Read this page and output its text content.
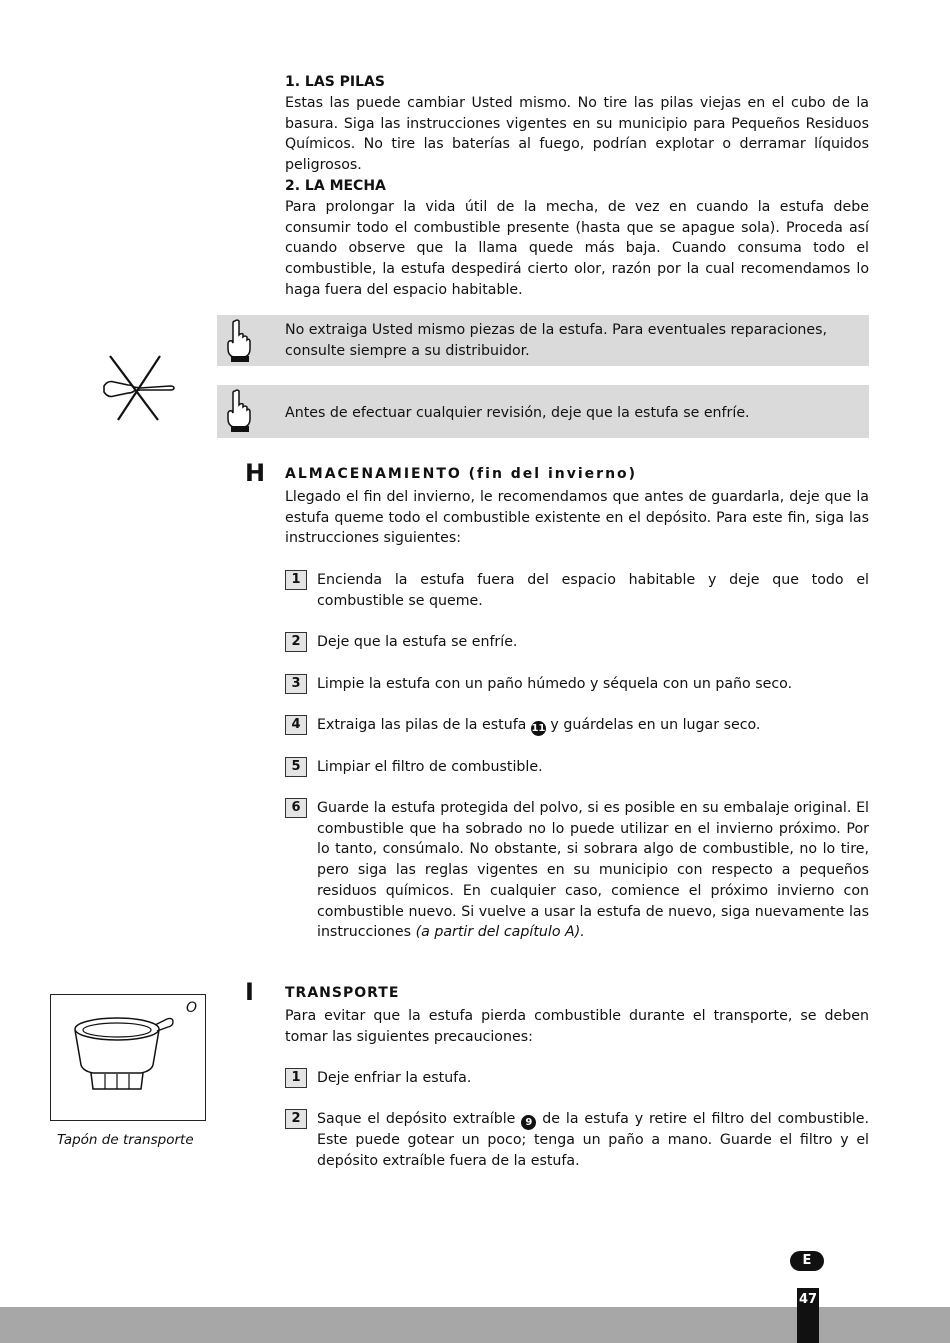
1. LAS PILAS
Estas las puede cambiar Usted mismo. No tire las pilas viejas en el cubo de la basura. Siga las instrucciones vigentes en su municipio para Pequeños Residuos Químicos. No tire las baterías al fuego, podrían explotar o derramar líquidos peligrosos.
2. LA MECHA
Para prolongar la vida útil de la mecha, de vez en cuando la estufa debe consumir todo el combustible presente (hasta que se apague sola). Proceda así cuando observe que la llama quede más baja. Cuando consuma todo el combustible, la estufa despedirá cierto olor, razón por la cual recomendamos lo haga fuera del espacio habitable.
No extraiga Usted mismo piezas de la estufa. Para eventuales reparaciones, consulte siempre a su distribuidor.
Antes de efectuar cualquier revisión, deje que la estufa se enfríe.
H ALMACENAMIENTO (fin del invierno)
Llegado el fin del invierno, le recomendamos que antes de guardarla, deje que la estufa queme todo el combustible existente en el depósito. Para este fin, siga las instrucciones siguientes:
1	Encienda la estufa fuera del espacio habitable y deje que todo el combustible se queme.
2	Deje que la estufa se enfríe.
3	Limpie la estufa con un paño húmedo y séquela con un paño seco.
4	Extraiga las pilas de la estufa 11 y guárdelas en un lugar seco.
5	Limpiar el filtro de combustible.
6	Guarde la estufa protegida del polvo, si es posible en su embalaje original. El combustible que ha sobrado no lo puede utilizar en el invierno próximo. Por lo tanto, consúmalo. No obstante, si sobrara algo de combustible, no lo tire, pero siga las reglas vigentes en su municipio con respecto a pequeños residuos químicos. En cualquier caso, comience el próximo invierno con combustible nuevo. Si vuelve a usar la estufa de nuevo, siga nuevamente las instrucciones (a partir del capítulo A).
I TRANSPORTE
Para evitar que la estufa pierda combustible durante el transporte, se deben tomar las siguientes precauciones:
1	Deje enfriar la estufa.
2	Saque el depósito extraíble 9 de la estufa y retire el filtro del combustible. Este puede gotear un poco; tenga un paño a mano. Guarde el filtro y el depósito extraíble fuera de la estufa.
O
Tapón de transporte
E
47
